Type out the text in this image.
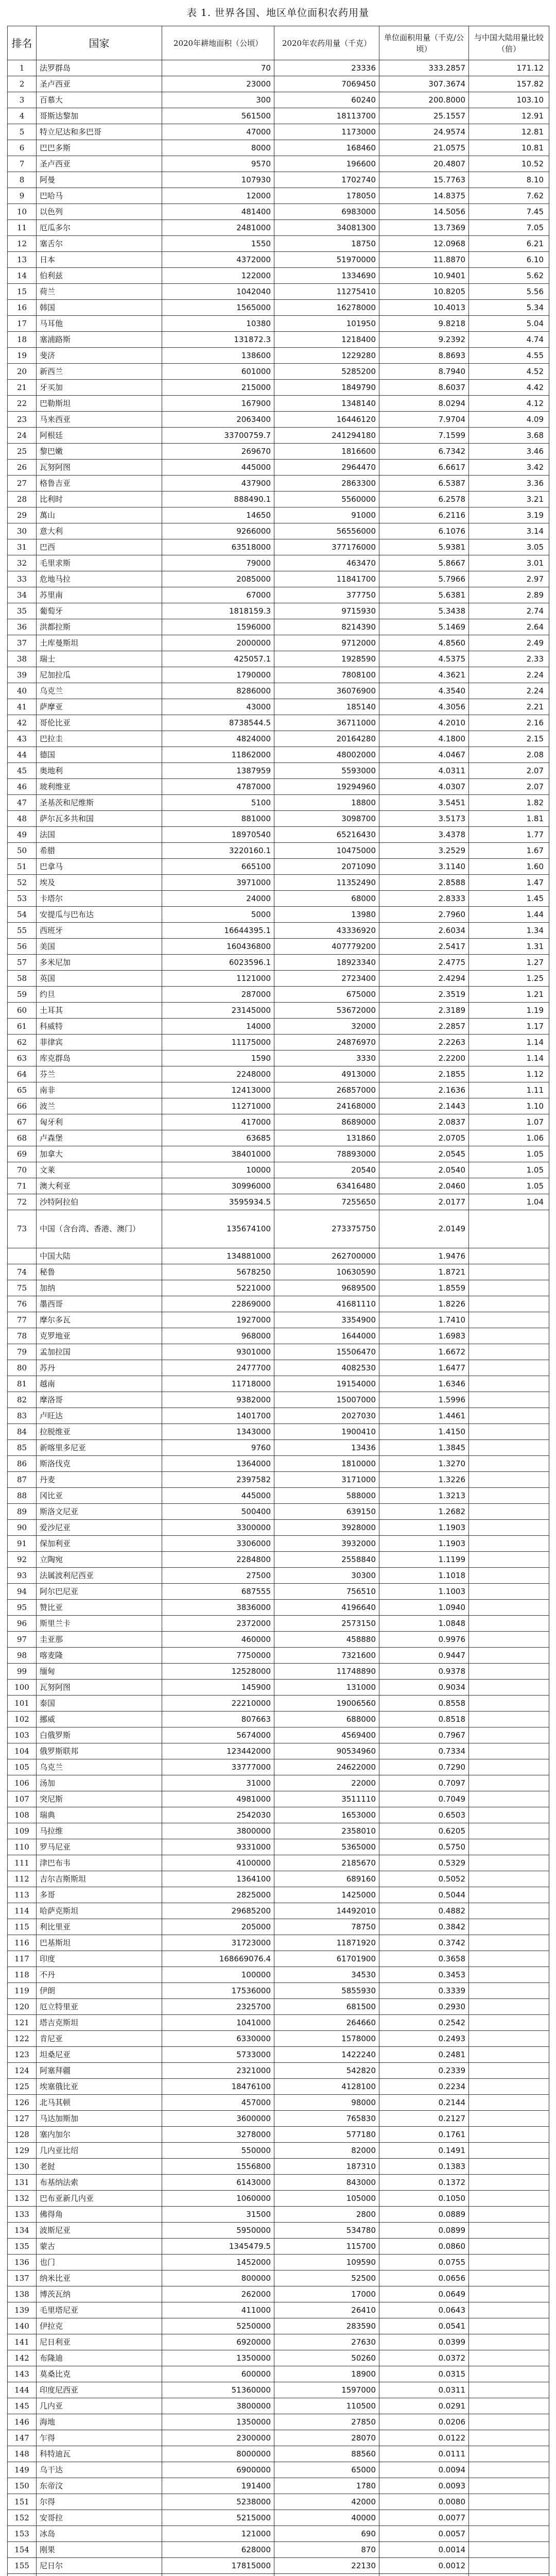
表 1. 世界各国、地区单位面积农药用量
排名	国家	2020年耕地面积（公顷）	2020年农药用量（千克）	单位面积用量（千克/公顷）	与中国大陆用量比较（倍）
1	法罗群岛	70	23336	333.2857	171.12
2	圣卢西亚	23000	7069450	307.3674	157.82
3	百慕大	300	60240	200.8000	103.10
4	哥斯达黎加	561500	18113700	25.1557	12.91
5	特立尼达和多巴哥	47000	1173000	24.9574	12.81
6	巴巴多斯	8000	168460	21.0575	10.81
7	圣卢西亚	9570	196600	20.4807	10.52
8	阿曼	107930	1702740	15.7763	8.10
9	巴哈马	12000	178050	14.8375	7.62
10	以色列	481400	6983000	14.5056	7.45
11	厄瓜多尔	2481000	34081300	13.7369	7.05
12	塞舌尔	1550	18750	12.0968	6.21
13	日本	4372000	51970000	11.8870	6.10
14	伯利兹	122000	1334690	10.9401	5.62
15	荷兰	1042040	11275410	10.8205	5.56
16	韩国	1565000	16278000	10.4013	5.34
17	马耳他	10380	101950	9.8218	5.04
18	塞浦路斯	131872.3	1218400	9.2392	4.74
19	斐济	138600	1229280	8.8693	4.55
20	新西兰	601000	5285200	8.7940	4.52
21	牙买加	215000	1849790	8.6037	4.42
22	巴勒斯坦	167900	1348140	8.0294	4.12
23	马来西亚	2063400	16446120	7.9704	4.09
24	阿根廷	33700759.7	241294180	7.1599	3.68
25	黎巴嫩	269670	1816600	6.7342	3.46
26	瓦努阿图	445000	2964470	6.6617	3.42
27	格鲁吉亚	437900	2863300	6.5387	3.36
28	比利时	888490.1	5560000	6.2578	3.21
29	萬山	14650	91000	6.2116	3.19
30	意大利	9266000	56556000	6.1076	3.14
31	巴西	63518000	377176000	5.9381	3.05
32	毛里求斯	79000	463470	5.8667	3.01
33	危地马拉	2085000	11841700	5.7966	2.97
34	苏里南	67000	377750	5.6381	2.89
35	葡萄牙	1818159.3	9715930	5.3438	2.74
36	洪都拉斯	1596000	8214390	5.1469	2.64
37	土库曼斯坦	2000000	9712000	4.8560	2.49
38	瑞士	425057.1	1928590	4.5375	2.33
39	尼加拉瓜	1790000	7808100	4.3621	2.24
40	乌克兰	8286000	36076900	4.3540	2.24
41	萨摩亚	43000	185140	4.3056	2.21
42	哥伦比亚	8738544.5	36711000	4.2010	2.16
43	巴拉圭	4824000	20164280	4.1800	2.15
44	德国	11862000	48002000	4.0467	2.08
45	奥地利	1387959	5593000	4.0311	2.07
46	玻利维亚	4787000	19294960	4.0307	2.07
47	圣基茨和尼维斯	5100	18800	3.5451	1.82
48	萨尔瓦多共和国	881000	3098700	3.5173	1.81
49	法国	18970540	65216430	3.4378	1.77
50	希腊	3220160.1	10475000	3.2529	1.67
51	巴拿马	665100	2071090	3.1140	1.60
52	埃及	3971000	11352490	2.8588	1.47
53	卡塔尔	24000	68000	2.8333	1.45
54	安提瓜与巴布达	5000	13980	2.7960	1.44
55	西班牙	16644395.1	43336920	2.6034	1.34
56	美国	160436800	407779200	2.5417	1.31
57	多米尼加	6023596.1	18923340	2.4775	1.27
58	英国	1121000	2723400	2.4294	1.25
59	约旦	287000	675000	2.3519	1.21
60	土耳其	23145000	53672000	2.3189	1.19
61	科威特	14000	32000	2.2857	1.17
62	菲律宾	11175000	24876970	2.2263	1.14
63	库克群岛	1590	3330	2.2200	1.14
64	芬兰	2248000	4913000	2.1855	1.12
65	南非	12413000	26857000	2.1636	1.11
66	波兰	11271000	24168000	2.1443	1.10
67	匈牙利	417000	8689000	2.0837	1.07
68	卢森堡	63685	131860	2.0705	1.06
69	加拿大	38401000	78893000	2.0545	1.05
70	文莱	10000	20540	2.0540	1.05
71	澳大利亚	30996000	63416480	2.0460	1.05
72	沙特阿拉伯	3595934.5	7255650	2.0177	1.04
73	中国（含台湾、香港、澳门）	135674100	273375750	2.0149	
	中国大陆	134881000	262700000	1.9476	
74	秘鲁	5678250	10630590	1.8721	
75	加纳	5221000	9689500	1.8559	
76	墨西哥	22869000	41681110	1.8226	
77	摩尔多瓦	1927000	3354900	1.7410	
78	克罗地亚	968000	1644000	1.6983	
79	孟加拉国	9301000	15506470	1.6672	
80	苏丹	2477700	4082530	1.6477	
81	越南	11718000	19154000	1.6346	
82	摩洛哥	9382000	15007000	1.5996	
83	卢旺达	1401700	2027030	1.4461	
84	拉脱维亚	1343000	1900410	1.4150	
85	新喀里多尼亚	9760	13436	1.3845	
86	斯洛伐克	1364000	1810000	1.3270	
87	丹麦	2397582	3171000	1.3226	
88	冈比亚	445000	588000	1.3213	
89	斯洛文尼亚	500400	639150	1.2682	
90	爱沙尼亚	3300000	3928000	1.1903	
91	保加利亚	3306000	3932000	1.1903	
92	立陶宛	2284800	2558840	1.1199	
93	法属波利尼西亚	27500	30300	1.1018	
94	阿尔巴尼亚	687555	756510	1.1003	
95	赞比亚	3836000	4196640	1.0940	
96	斯里兰卡	2372000	2573150	1.0848	
97	圭亚那	460000	458880	0.9976	
98	喀麦隆	7750000	7321600	0.9447	
99	缅甸	12528000	11748890	0.9378	
100	瓦努阿图	145900	131000	0.9034	
101	泰国	22210000	19006560	0.8558	
102	挪威	807663	688000	0.8518	
103	白俄罗斯	5674000	4569400	0.7967	
104	俄罗斯联邦	123442000	90534960	0.7334	
105	乌克兰	33777000	24622000	0.7290	
106	汤加	31000	22000	0.7097	
107	突尼斯	4981000	3511110	0.7049	
108	瑞典	2542030	1653000	0.6503	
109	马拉维	3800000	2358010	0.6205	
110	罗马尼亚	9331000	5365000	0.5750	
111	津巴布韦	4100000	2185670	0.5329	
112	吉尔吉斯斯坦	1364100	689160	0.5052	
113	多哥	2825000	1425000	0.5044	
114	哈萨克斯坦	29685200	14492010	0.4882	
115	利比里亚	205000	78750	0.3842	
116	巴基斯坦	31723000	11871920	0.3742	
117	印度	168669076.4	61701900	0.3658	
118	不丹	100000	34530	0.3453	
119	伊朗	17536000	5855930	0.3339	
120	厄立特里亚	2325700	681500	0.2930	
121	塔吉克斯坦	1041000	264660	0.2542	
122	肯尼亚	6330000	1578000	0.2493	
123	坦桑尼亚	5733000	1422240	0.2481	
124	阿塞拜疆	2321000	542820	0.2339	
125	埃塞俄比亚	18476100	4128100	0.2234	
126	北马其顿	457000	98000	0.2144	
127	马达加斯加	3600000	765830	0.2127	
128	塞内加尔	3278000	577180	0.1761	
129	几内亚比绍	550000	82000	0.1491	
130	老挝	1556800	187310	0.1383	
131	布基纳法索	6143000	843000	0.1372	
132	巴布亚新几内亚	1060000	105000	0.1050	
133	佛得角	31500	2800	0.0889	
134	波斯尼亚	5950000	534780	0.0899	
135	蒙古	1345479.5	115700	0.0860	
136	也门	1452000	109590	0.0755	
137	纳米比亚	800000	52500	0.0656	
138	博茨瓦纳	262000	17000	0.0649	
139	毛里塔尼亚	411000	26410	0.0643	
140	伊拉克	5250000	283590	0.0541	
141	尼日利亚	6920000	27630	0.0399	
142	布隆迪	1350000	50260	0.0372	
143	莫桑比克	600000	18900	0.0315	
144	印度尼西亚	51360000	1597000	0.0311	
145	几内亚	3800000	110500	0.0291	
146	海地	1350000	27850	0.0206	
147	乍得	2300000	28070	0.0122	
148	科特迪瓦	8000000	88560	0.0111	
149	乌干达	6900000	65000	0.0094	
150	东帝汶	191400	1780	0.0093	
151	尔得	5238000	42000	0.0080	
152	安哥拉	5215000	40000	0.0077	
153	冰岛	121000	690	0.0057	
154	刚果	628000	870	0.0014	
155	尼日尔	17815000	22130	0.0012	
